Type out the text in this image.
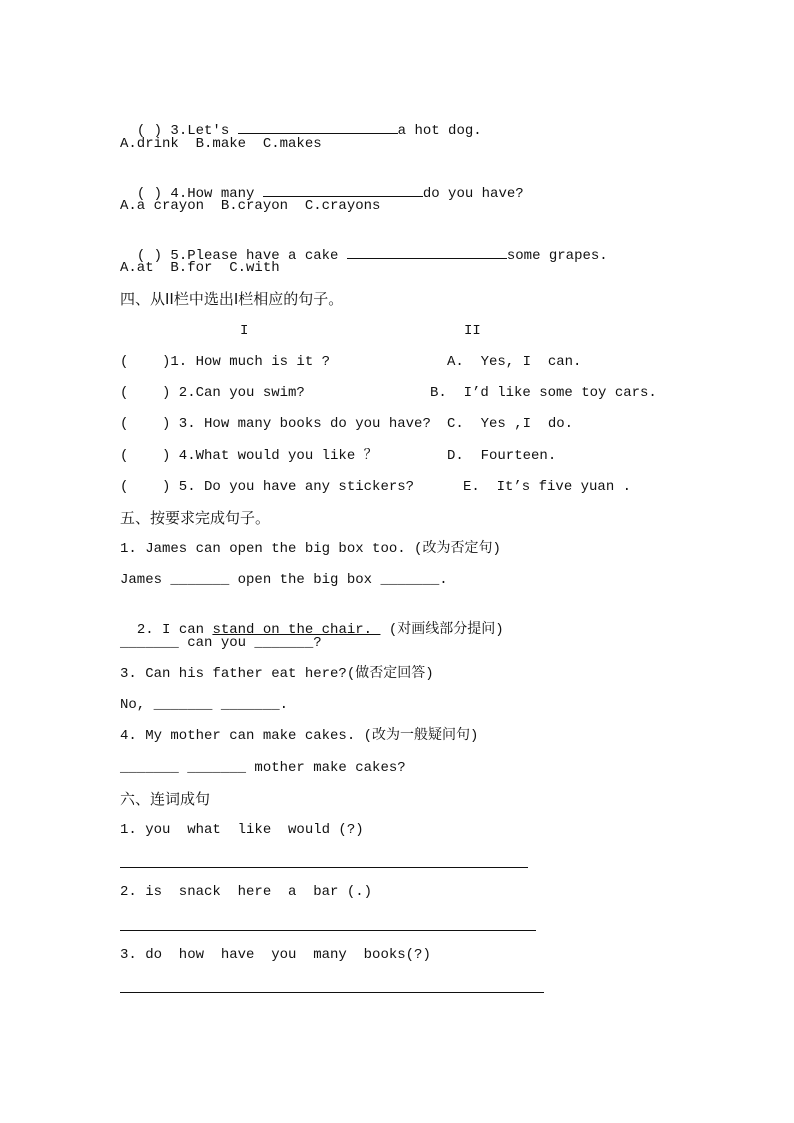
( ) 3.Let's	a hot dog.

A.drink  B.make  C.makes

( ) 4.How many	do you have?

A.a crayon  B.crayon  C.crayons

( ) 5.Please have a cake	some grapes.

A.at  B.for  C.with
四、从II栏中选出I栏相应的句子。
I	II
(    )1. How much is it ?	A.  Yes, I  can.
(    ) 2.Can you swim?	B.  I’d like some toy cars.
(    ) 3. How many books do you have? C.  Yes ,I  do.
(    ) 4.What would you like ？	D.  Fourteen.
(    ) 5. Do you have any stickers?	E.  It’s five yuan .
五、按要求完成句子。
1. James can open the big box too. (改为否定句)
James _______ open the big box _______.

2. I can stand on the chair.  (对画线部分提问)

_______ can you _______?
3. Can his father eat here?(做否定回答)
No, _______ _______.
4. My mother can make cakes. (改为一般疑问句)
_______ _______ mother make cakes?
六、连词成句
1. you  what  like  would (?)
2. is  snack  here  a  bar (.)
3. do  how  have  you  many  books(?)
